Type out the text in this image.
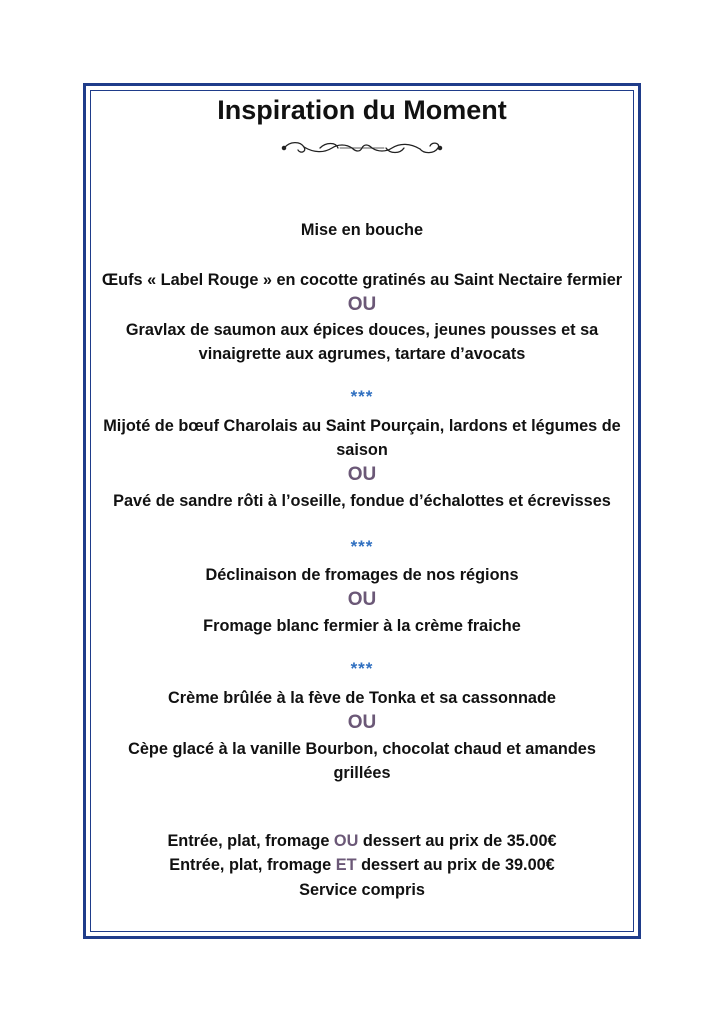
Inspiration du Moment
Mise en bouche
Œufs « Label Rouge » en cocotte gratinés au Saint Nectaire fermier
OU
Gravlax de saumon aux épices douces, jeunes pousses et sa
vinaigrette aux agrumes, tartare d’avocats
***
Mijoté de bœuf Charolais au Saint Pourçain, lardons et légumes de
saison
OU
Pavé de sandre rôti à l’oseille, fondue d’échalottes et écrevisses
***
Déclinaison de fromages de nos régions
OU
Fromage blanc fermier à la crème fraiche
***
Crème brûlée à la fève de Tonka et sa cassonnade
OU
Cèpe glacé à la vanille Bourbon, chocolat chaud et amandes
grillées
Entrée, plat, fromage OU dessert au prix de 35.00€
Entrée, plat, fromage ET dessert au prix de 39.00€
Service compris
